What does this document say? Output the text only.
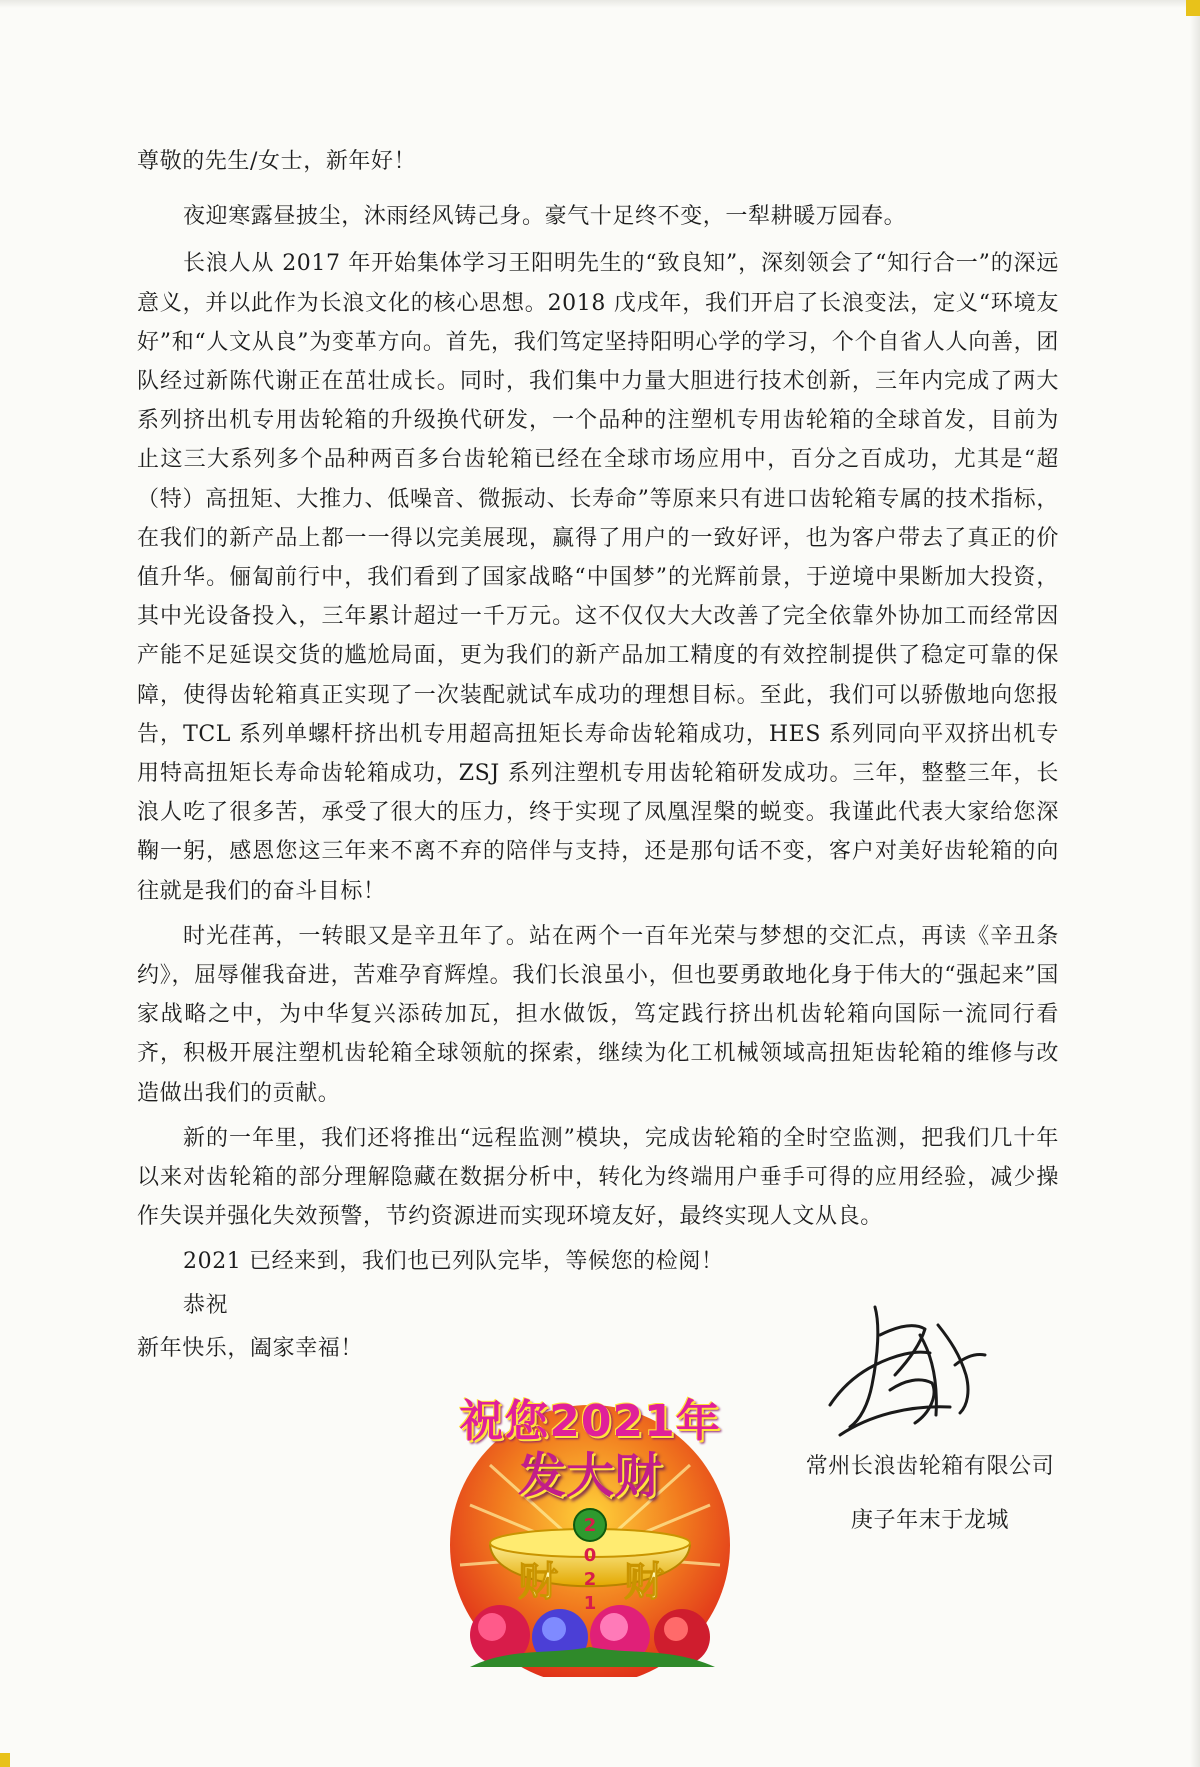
尊敬的先生/女士，新年好！

夜迎寒露昼披尘，沐雨经风铸己身。豪气十足终不变，一犁耕暖万园春。

长浪人从 2017 年开始集体学习王阳明先生的“致良知”，深刻领会了“知行合一”的深远意义，并以此作为长浪文化的核心思想。2018 戊戌年，我们开启了长浪变法，定义“环境友好”和“人文从良”为变革方向。首先，我们笃定坚持阳明心学的学习，个个自省人人向善，团队经过新陈代谢正在茁壮成长。同时，我们集中力量大胆进行技术创新，三年内完成了两大系列挤出机专用齿轮箱的升级换代研发，一个品种的注塑机专用齿轮箱的全球首发，目前为止这三大系列多个品种两百多台齿轮箱已经在全球市场应用中，百分之百成功，尤其是“超（特）高扭矩、大推力、低噪音、微振动、长寿命”等原来只有进口齿轮箱专属的技术指标，在我们的新产品上都一一得以完美展现，赢得了用户的一致好评，也为客户带去了真正的价值升华。俪匐前行中，我们看到了国家战略“中国梦”的光辉前景，于逆境中果断加大投资，其中光设备投入，三年累计超过一千万元。这不仅仅大大改善了完全依靠外协加工而经常因产能不足延误交货的尴尬局面，更为我们的新产品加工精度的有效控制提供了稳定可靠的保障，使得齿轮箱真正实现了一次装配就试车成功的理想目标。至此，我们可以骄傲地向您报告，TCL 系列单螺杆挤出机专用超高扭矩长寿命齿轮箱成功，HES 系列同向平双挤出机专用特高扭矩长寿命齿轮箱成功，ZSJ 系列注塑机专用齿轮箱研发成功。三年，整整三年，长浪人吃了很多苦，承受了很大的压力，终于实现了凤凰涅槃的蜕变。我谨此代表大家给您深鞠一躬，感恩您这三年来不离不弃的陪伴与支持，还是那句话不变，客户对美好齿轮箱的向往就是我们的奋斗目标！

时光荏苒，一转眼又是辛丑年了。站在两个一百年光荣与梦想的交汇点，再读《辛丑条约》，屈辱催我奋进，苦难孕育辉煌。我们长浪虽小，但也要勇敢地化身于伟大的“强起来”国家战略之中，为中华复兴添砖加瓦，担水做饭，笃定践行挤出机齿轮箱向国际一流同行看齐，积极开展注塑机齿轮箱全球领航的探索，继续为化工机械领域高扭矩齿轮箱的维修与改造做出我们的贡献。

新的一年里，我们还将推出“远程监测”模块，完成齿轮箱的全时空监测，把我们几十年以来对齿轮箱的部分理解隐藏在数据分析中，转化为终端用户垂手可得的应用经验，减少操作失误并强化失效预警，节约资源进而实现环境友好，最终实现人文从良。

2021 已经来到，我们也已列队完毕，等候您的检阅！

恭祝

新年快乐，阖家幸福！

常州长浪齿轮箱有限公司
庚子年末于龙城
财 财
2
0
2
1
祝您2021年
发大财
